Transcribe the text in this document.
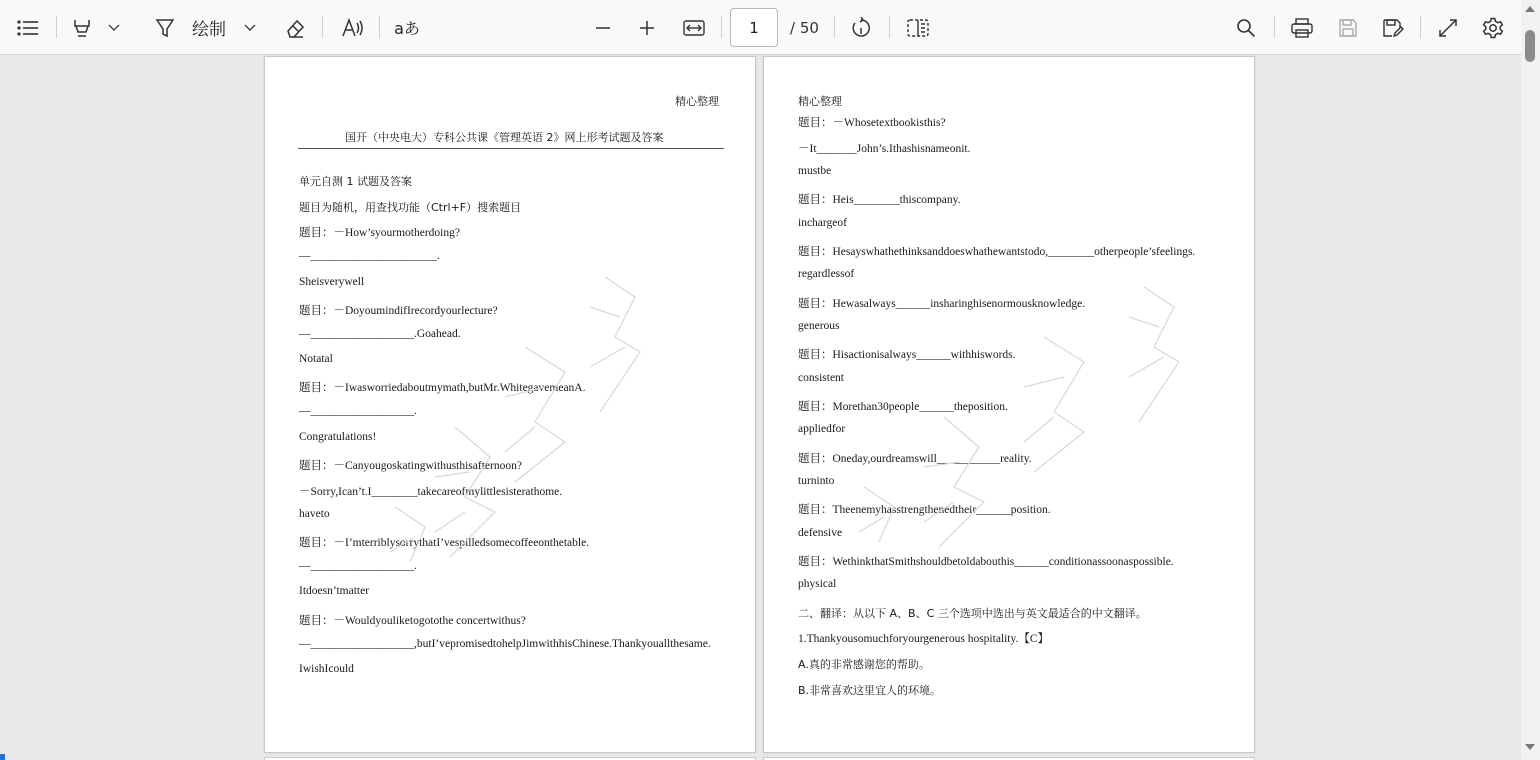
绘制	aあ	1	/ 50
精心整理
国开（中央电大）专科公共课《管理英语 2》网上形考试题及答案
单元自测 1 试题及答案
题目为随机，用查找功能（Ctrl+F）搜索题目
题目：－How’syourmotherdoing?
—______________________.
Sheisverywell
题目：－DoyoumindifIrecordyourlecture?
—__________________.Goahead.
Notatal
题目：－Iwasworriedaboutmymath,butMr.WhitegavemeanA.
—__________________.
Congratulations!
题目：－Canyougoskatingwithusthisafternoon?
－Sorry,Ican’t.I________takecareofmylittlesisterathome.
haveto
题目：－I’mterriblysorrythatI’vespilledsomecoffeeonthetable.
—__________________.
Itdoesn’tmatter
题目：－Wouldyouliketogotothe concertwithus?
—__________________,butI’vepromisedtohelpJimwithhisChinese.Thankyouallthesame.
IwishIcould
精心整理
题目：－Whosetextbookisthis?
－It_______John’s.Ithashisnameonit.
mustbe
题目：Heis________thiscompany.
inchargeof
题目：Hesayswhathethinksanddoeswhathewantstodo,________otherpeople’sfeelings.
regardlessof
题目：Hewasalways______insharinghisenormousknowledge.
generous
题目：Hisactionisalways______withhiswords.
consistent
题目：Morethan30people______theposition.
appliedfor
题目：Oneday,ourdreamswill___________reality.
turninto
题目：Theenemyhasstrengthenedtheir______position.
defensive
题目：WethinkthatSmithshouldbetoldabouthis______conditionassoonaspossible.
physical
二、翻译：从以下 A、B、C 三个选项中选出与英文最适合的中文翻译。
1.Thankyousomuchforyourgenerous hospitality.【C】
A.真的非常感谢您的帮助。
B.非常喜欢这里宜人的环境。
